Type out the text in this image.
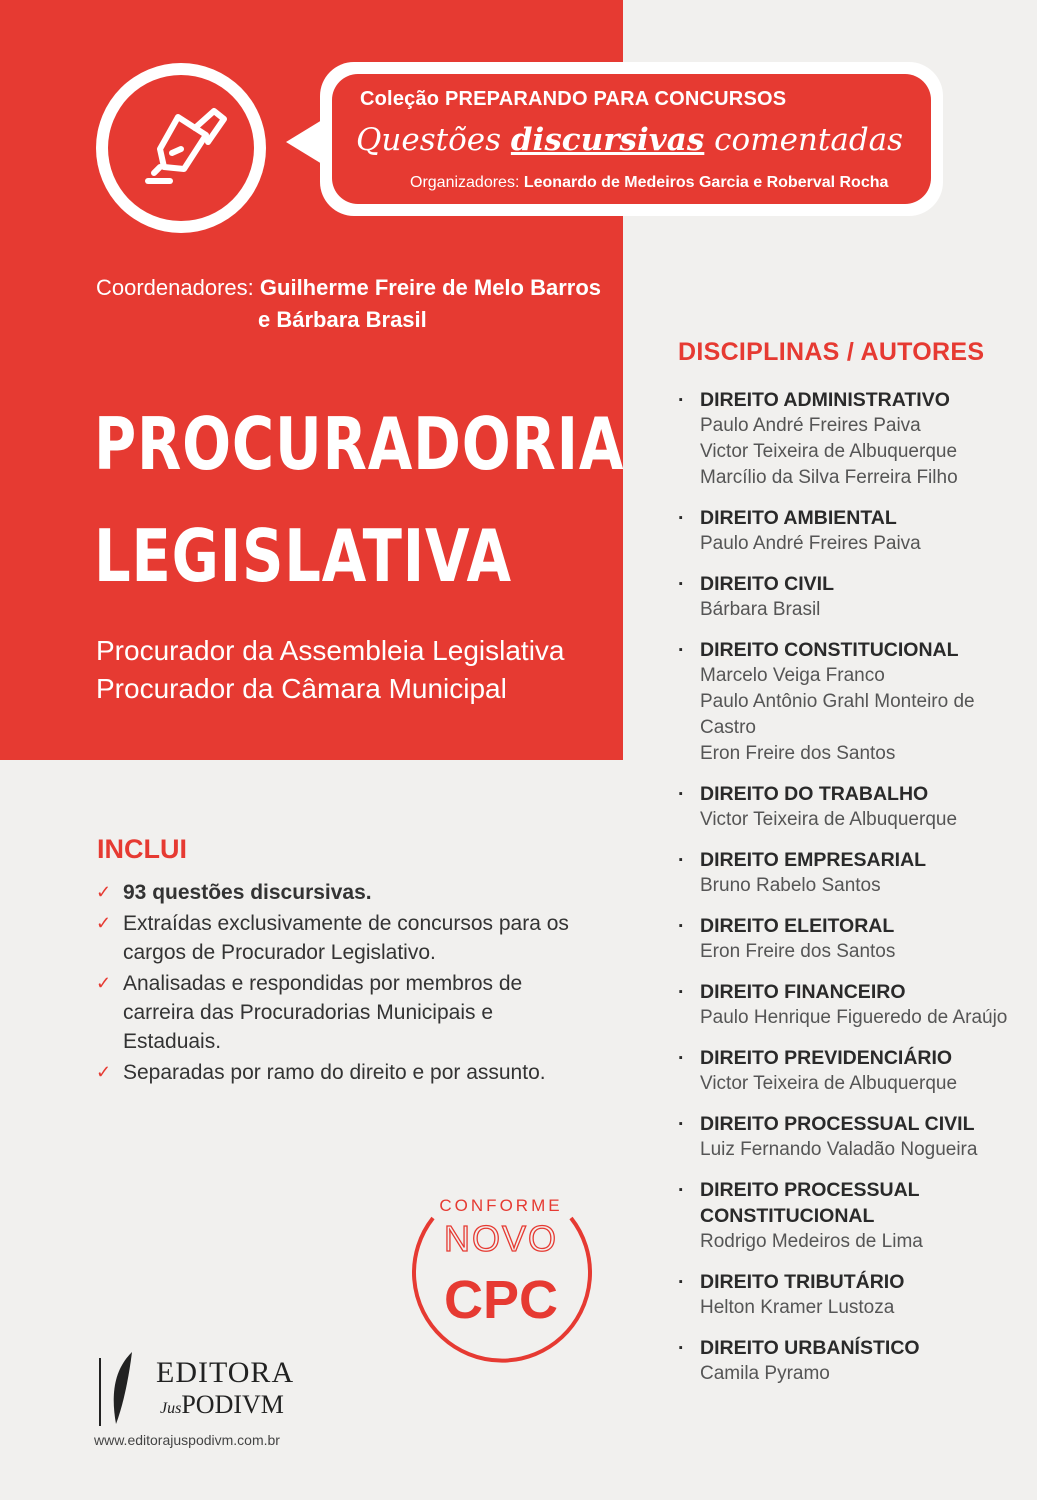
Coleção PREPARANDO PARA CONCURSOS
Questões discursivas comentadas
Organizadores: Leonardo de Medeiros Garcia e Roberval Rocha
Coordenadores: Guilherme Freire de Melo Barros
e Bárbara Brasil
PROCURADORIA
LEGISLATIVA
Procurador da Assembleia Legislativa
Procurador da Câmara Municipal
INCLUI
✓ 93 questões discursivas.
✓ Extraídas exclusivamente de concursos para os cargos de Procurador Legislativo.
✓ Analisadas e respondidas por membros de carreira das Procuradorias Municipais e Estaduais.
✓ Separadas por ramo do direito e por assunto.
DISCIPLINAS / AUTORES
· DIREITO ADMINISTRATIVO
Paulo André Freires Paiva
Victor Teixeira de Albuquerque
Marcílio da Silva Ferreira Filho
· DIREITO AMBIENTAL
Paulo André Freires Paiva
· DIREITO CIVIL
Bárbara Brasil
· DIREITO CONSTITUCIONAL
Marcelo Veiga Franco
Paulo Antônio Grahl Monteiro de Castro
Eron Freire dos Santos
· DIREITO DO TRABALHO
Victor Teixeira de Albuquerque
· DIREITO EMPRESARIAL
Bruno Rabelo Santos
· DIREITO ELEITORAL
Eron Freire dos Santos
· DIREITO FINANCEIRO
Paulo Henrique Figueredo de Araújo
· DIREITO PREVIDENCIÁRIO
Victor Teixeira de Albuquerque
· DIREITO PROCESSUAL CIVIL
Luiz Fernando Valadão Nogueira
· DIREITO PROCESSUAL CONSTITUCIONAL
Rodrigo Medeiros de Lima
· DIREITO TRIBUTÁRIO
Helton Kramer Lustoza
· DIREITO URBANÍSTICO
Camila Pyramo
CONFORME
NOVO
CPC
EDITORA
JusPODIVM
www.editorajuspodivm.com.br
